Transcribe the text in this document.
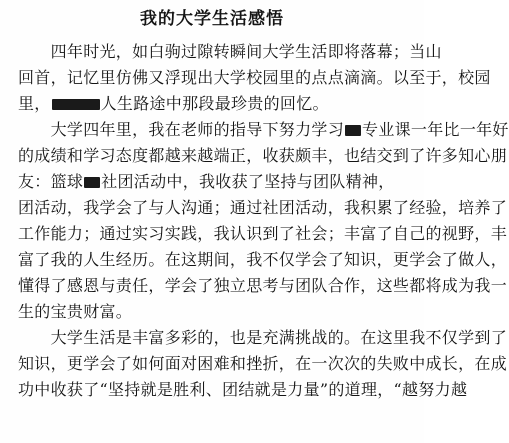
我的大学生活感悟
　　四年时光，如白驹过隙转瞬间大学生活即将落幕；当山
回首，记忆里仿佛又浮现出大学校园里的点点滴滴。以至于，校园
里，	人生路途中那段最珍贵的回忆。
　　大学四年里，我在老师的指导下努力学习 专业课一年比一年好
的成绩和学习态度都越来越端正，收获颇丰，也结交到了许多知心朋
友：篮球 社团活动中，我收获了坚持与团队精神，
团活动，我学会了与人沟通；通过社团活动，我积累了经验，培养了
工作能力；通过实习实践，我认识到了社会；丰富了自己的视野，丰
富了我的人生经历。在这期间，我不仅学会了知识，更学会了做人，
懂得了感恩与责任，学会了独立思考与团队合作，这些都将成为我一
生的宝贵财富。
　　大学生活是丰富多彩的，也是充满挑战的。在这里我不仅学到了
知识，更学会了如何面对困难和挫折，在一次次的失败中成长，在成
功中收获了“坚持就是胜利、团结就是力量”的道理，“越努力越
